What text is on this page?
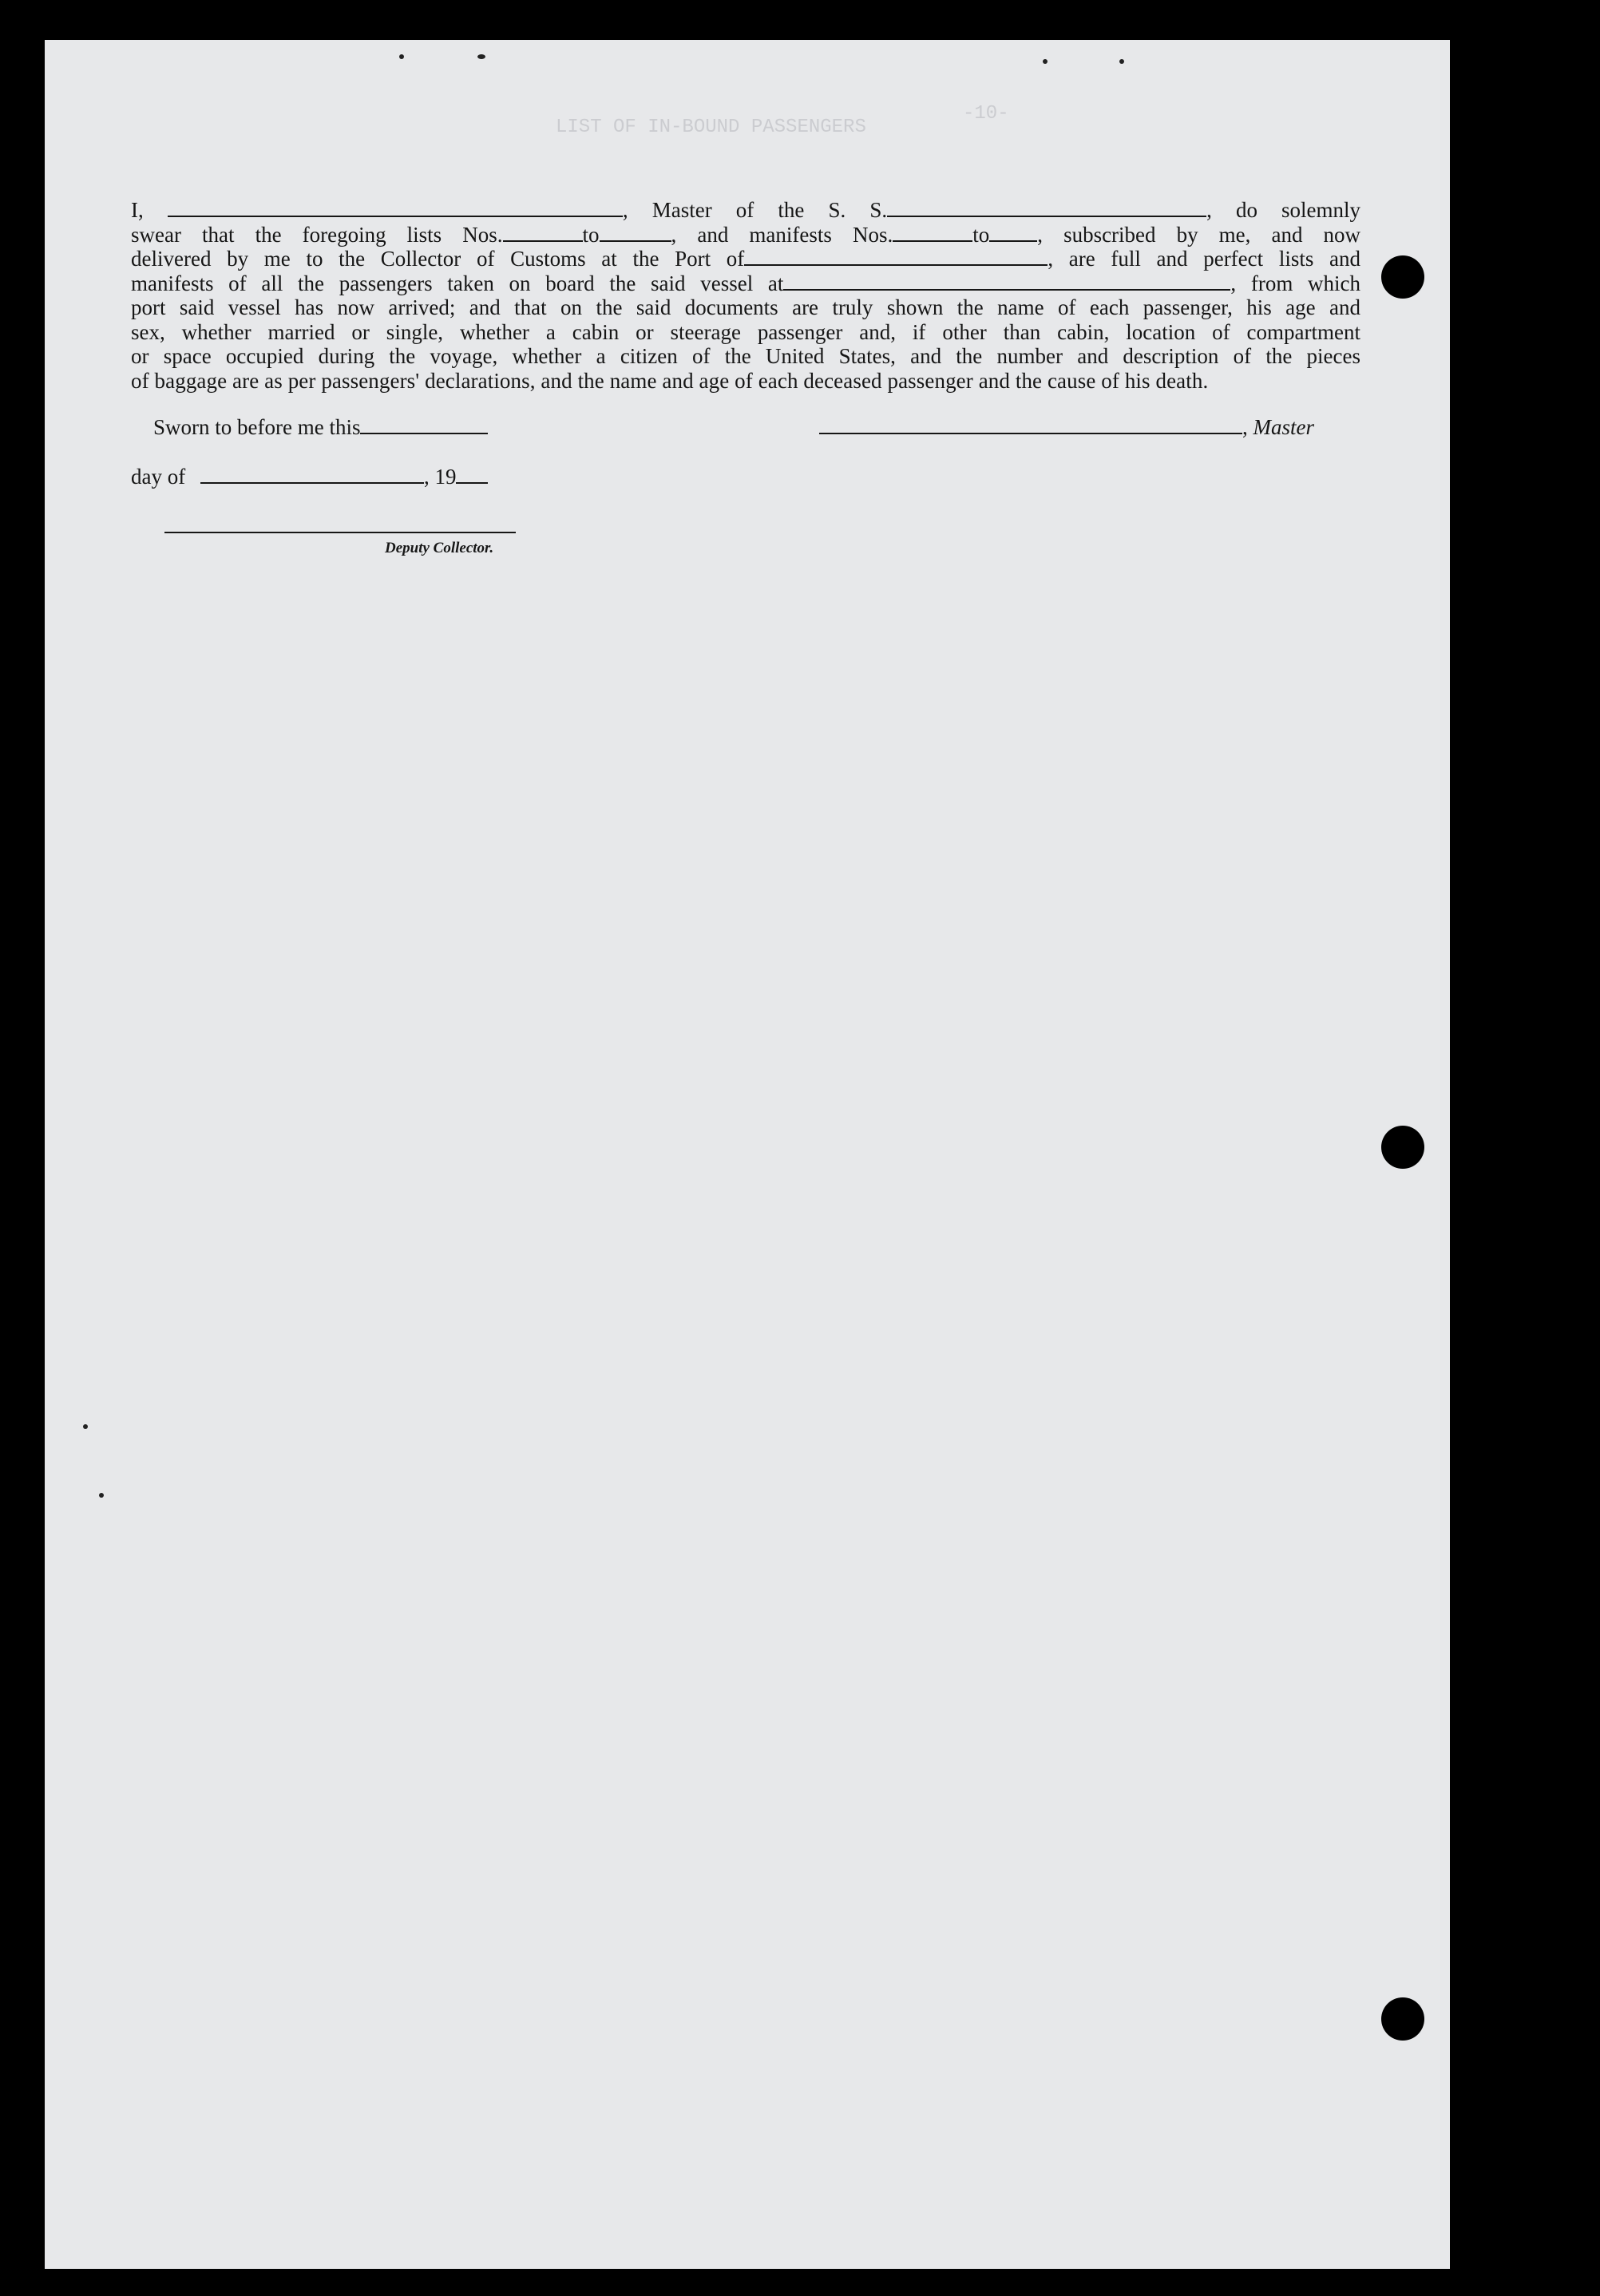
-10-
LIST OF IN-BOUND PASSENGERS
I,	, Master of the S. S.	, do solemnly
swear that the foregoing lists Nos.	to	, and manifests Nos.	to , subscribed by me, and now
delivered by me to the Collector of Customs at the Port of	, are full and perfect lists and
manifests of all the passengers taken on board the said vessel at	, from which
port said vessel has now arrived; and that on the said documents are truly shown the name of each passenger, his age and
sex, whether married or single, whether a cabin or steerage passenger and, if other than cabin, location of compartment
or space occupied during the voyage, whether a citizen of the United States, and the number and description of the pieces
of baggage are as per passengers' declarations, and the name and age of each deceased passenger and the cause of his death.
Sworn to before me this	, Master
day of	, 19
Deputy Collector.
